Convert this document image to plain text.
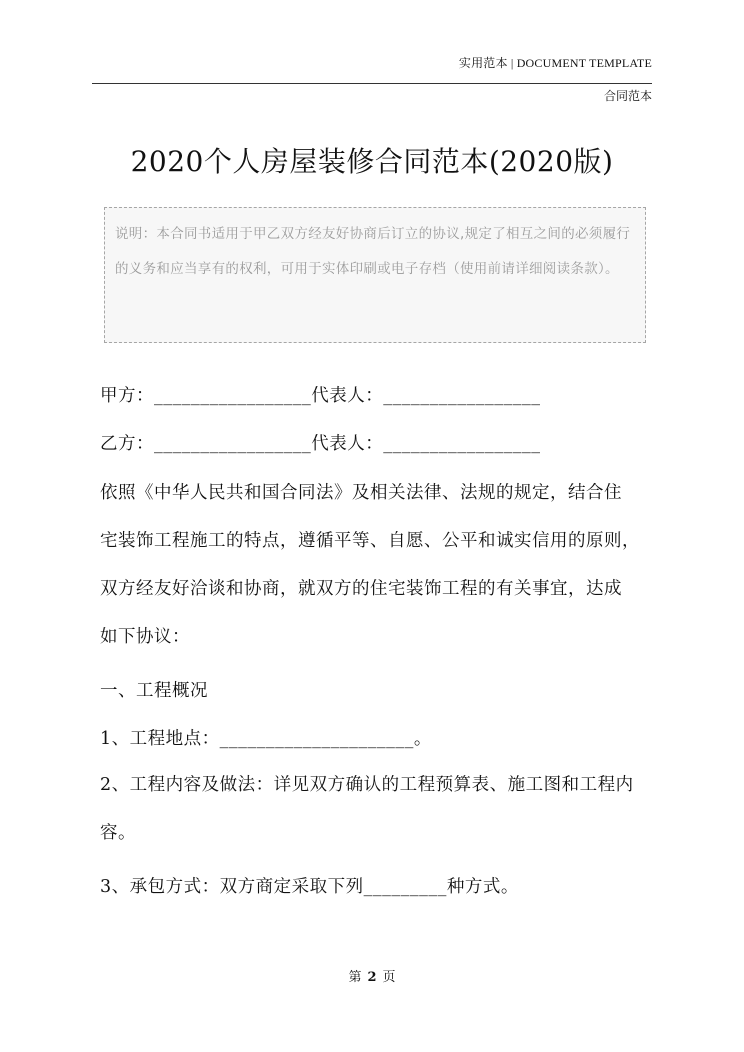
实用范本 | DOCUMENT TEMPLATE
合同范本
2020个人房屋装修合同范本(2020版)
说明：本合同书适用于甲乙双方经友好协商后订立的协议,规定了相互之间的必须履行的义务和应当享有的权利，可用于实体印刷或电子存档（使用前请详细阅读条款）。
甲方：_________________代表人：_________________
乙方：_________________代表人：_________________
依照《中华人民共和国合同法》及相关法律、法规的规定，结合住
宅装饰工程施工的特点，遵循平等、自愿、公平和诚实信用的原则，
双方经友好洽谈和协商，就双方的住宅装饰工程的有关事宜，达成
如下协议：
一、工程概况
1、工程地点：_____________________。
2、工程内容及做法：详见双方确认的工程预算表、施工图和工程内
容。
3、承包方式：双方商定采取下列_________种方式。
第 2 页
